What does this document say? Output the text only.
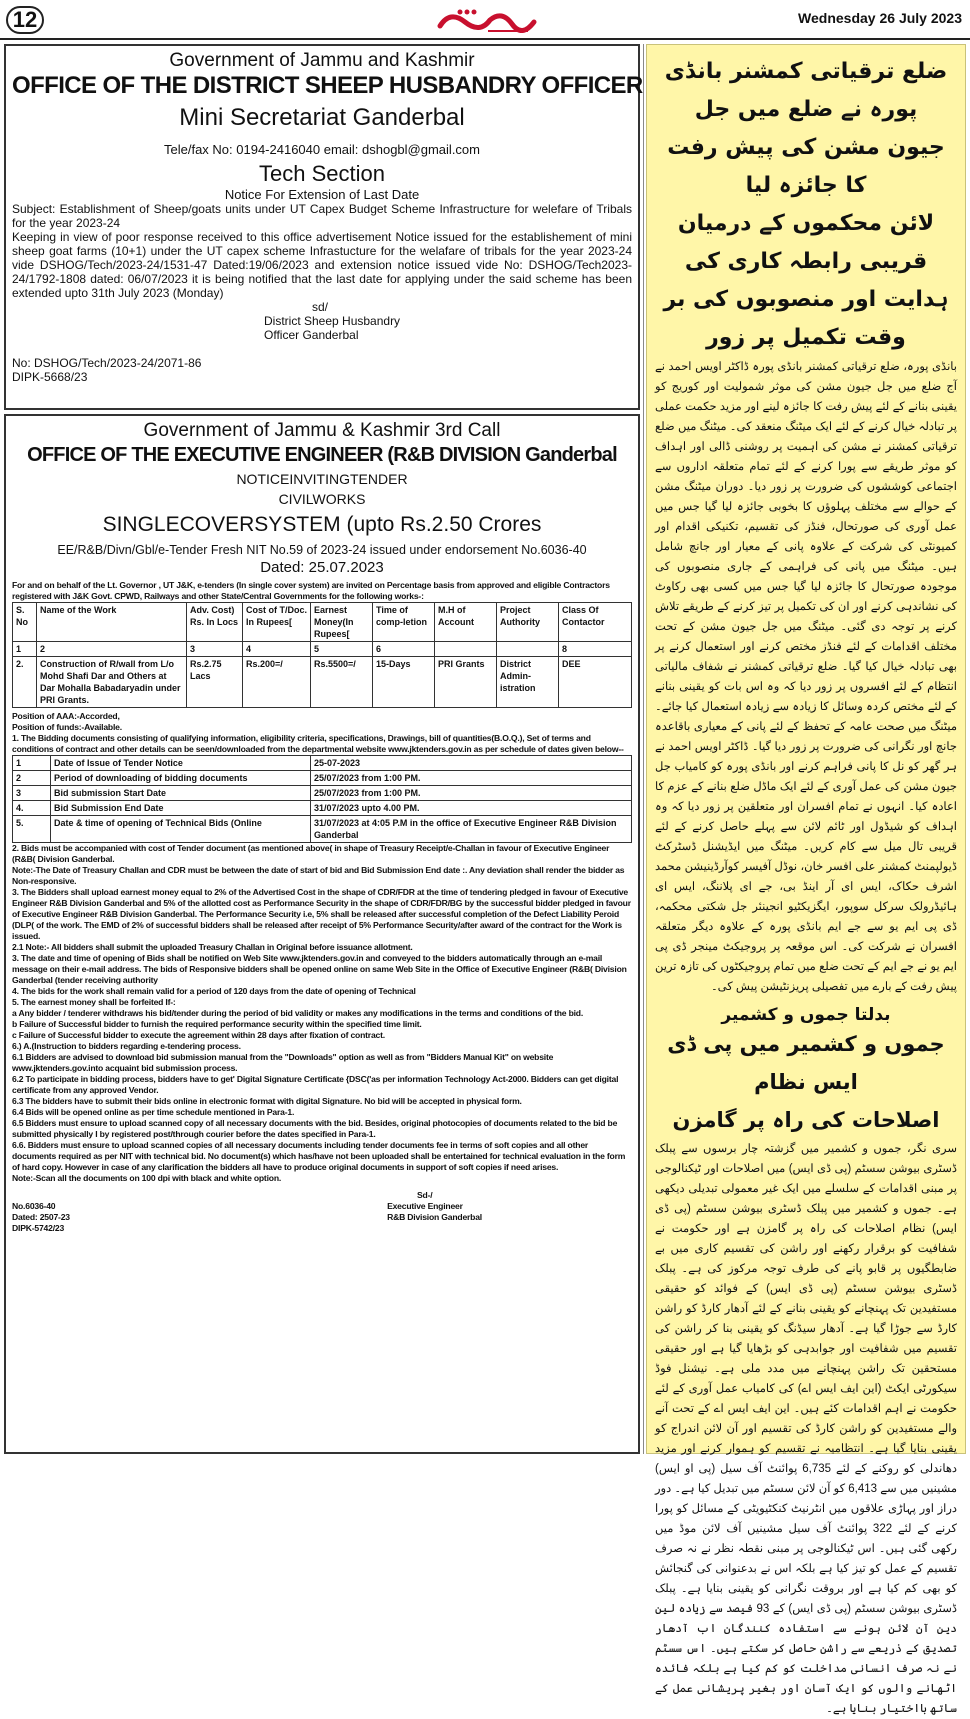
12	Wednesday 26 July 2023
Government of Jammu and Kashmir
OFFICE OF THE DISTRICT SHEEP HUSBANDRY OFFICER
Mini Secretariat Ganderbal
Tele/fax No: 0194-2416040 email: dshogbl@gmail.com
Tech Section
Notice For Extension of Last Date
Subject: Establishment of Sheep/goats units under UT Capex Budget Scheme Infrastructure for welefare of Tribals for the year 2023-24
Keeping in view of poor response received to this office advertisement Notice issued for the establishement of mini sheep goat farms (10+1) under the UT capex scheme Infrastucture for the welafare of tribals for the year 2023-24 vide DSHOG/Tech/2023-24/1531-47 Dated:19/06/2023 and extension notice issued vide No: DSHOG/Tech2023-24/1792-1808 dated: 06/07/2023 it is being notified that the last date for applying under the said scheme has been extended upto 31th July 2023 (Monday)
sd/
District Sheep Husbandry
Officer Ganderbal
No: DSHOG/Tech/2023-24/2071-86
DIPK-5668/23
Government of Jammu & Kashmir 3rd Call
OFFICE OF THE EXECUTIVE ENGINEER (R&B DIVISION Ganderbal
NOTICEINVITINGTENDER
CIVILWORKS
SINGLECOVERSYSTEM (upto Rs.2.50 Crores
EE/R&B/Divn/Gbl/e-Tender Fresh NIT No.59 of 2023-24 issued under endorsement No.6036-40
Dated: 25.07.2023
For and on behalf of the Lt. Governor , UT J&K, e-tenders (In single cover system) are invited on Percentage basis from approved and eligible Contractors registered with J&K Govt. CPWD, Railways and other State/Central Governments for the following works-:
S. No	Name of the Work	Adv. Cost) Rs. In Locs	Cost of T/Doc. In Rupees[	Earnest Money(In Rupees[	Time of comp-letion	M.H of Account	Project Authority	Class Of Contactor
1	2	3	4	5	6			8
2.	Construction of R/wall from L/o Mohd Shafi Dar and Others at Dar Mohalla Babadaryadin under PRI Grants.	Rs.2.75 Lacs	Rs.200=/	Rs.5500=/	15-Days	PRI Grants	District Admin-istration	DEE
Position of AAA:-Accorded,
Position of funds:-Available.
1. The Bidding documents consisting of qualifying information, eligibility criteria, specifications, Drawings, bill of quantities(B.O.Q.), Set of terms and conditions of contract and other details can be seen/downloaded from the departmental website www.jktenders.gov.in as per schedule of dates given below--
1	Date of Issue of Tender Notice	25-07-2023
2	Period of downloading of bidding documents	25/07/2023 from 1:00 PM.
3	Bid submission Start Date	25/07/2023 from 1:00 PM.
4.	Bid Submission End Date	31/07/2023 upto 4.00 PM.
5.	Date & time of opening of Technical Bids (Online	31/07/2023 at 4:05 P.M in the office of Executive Engineer R&B Division Ganderbal
2. Bids must be accompanied with cost of Tender document (as mentioned above( in shape of Treasury Receipt/e-Challan in favour of Executive Engineer (R&B( Division Ganderbal.
Note:-The Date of Treasury Challan and CDR must be between the date of start of bid and Bid Submission End date :. Any deviation shall render the bidder as Non-responsive.
3. The Bidders shall upload earnest money equal to 2% of the Advertised Cost in the shape of CDR/FDR at the time of tendering pledged in favour of Executive Engineer R&B Division Ganderbal and 5% of the allotted cost as Performance Security in the shape of CDR/FDR/BG by the successful bidder pledged in favour of Executive Engineer R&B Division Ganderbal. The Performance Security i.e, 5% shall be released after successful completion of the Defect Liability Peroid (DLP( of the work. The EMD of 2% of successful bidders shall be released after receipt of 5% Performance Security/after award of the contract for the Work is issued.
2.1 Note:- All bidders shall submit the uploaded Treasury Challan in Original before issuance allotment.
3. The date and time of opening of Bids shall be notified on Web Site www.jktenders.gov.in and conveyed to the bidders automatically through an e-mail message on their e-mail address. The bids of Responsive bidders shall be opened online on same Web Site in the Office of Executive Engineer (R&B( Division Ganderbal (tender receiving authority
4. The bids for the work shall remain valid for a period of 120 days from the date of opening of Technical
5. The earnest money shall be forfeited If-:
a Any bidder / tenderer withdraws his bid/tender during the period of bid validity or makes any modifications in the terms and conditions of the bid.
b Failure of Successful bidder to furnish the required performance security within the specified time limit.
c Failure of Successful bidder to execute the agreement within 28 days after fixation of contract.
6.) A.(Instruction to bidders regarding e-tendering process.
6.1 Bidders are advised to download bid submission manual from the "Downloads" option as well as from "Bidders Manual Kit" on website www.jktenders.gov.into acquaint bid submission process.
6.2 To participate in bidding process, bidders have to get' Digital Signature Certificate {DSC('as per information Technology Act-2000. Bidders can get digital certificate from any approved Vendor.
6.3 The bidders have to submit their bids online in electronic format with digital Signature. No bid will be accepted in physical form.
6.4 Bids will be opened online as per time schedule mentioned in Para-1.
6.5 Bidders must ensure to upload scanned copy of all necessary documents with the bid. Besides, original photocopies of documents related to the bid be submitted physically I by registered post/through courier before the dates specified in Para-1.
6.6. Bidders must ensure to upload scanned copies of all necessary documents including tender documents fee in terms of soft copies and all other documents required as per NIT with technical bid. No document(s) which has/have not been uploaded shall be entertained for technical evaluation in the form of hard copy. However in case of any clarification the bidders all have to produce original documents in support of soft copies if need arises.
Note:-Scan all the documents on 100 dpi with black and white option.
Sd-/
No.6036-40
Dated: 2507-23
DIPK-5742/23
Executive Engineer
R&B Division Ganderbal
ضلع ترقیاتی کمشنر بانڈی پورہ نے ضلع میں جل
جیون مشن کی پیش رفت کا جائزہ لیا
لائن محکموں کے درمیان قریبی رابطہ کاری کی
ہدایت اور منصوبوں کی بر وقت تکمیل پر زور
بانڈی پورہ، ضلع ترقیاتی کمشنر بانڈی پورہ ڈاکٹر اویس احمد نے آج ضلع میں جل جیون مشن کی موثر شمولیت اور کوریج کو یقینی بنانے کے لئے پیش رفت کا جائزہ لینے اور مزید حکمت عملی پر تبادلہ خیال کرنے کے لئے ایک میٹنگ منعقد کی۔ میٹنگ میں ضلع ترقیاتی کمشنر نے مشن کی اہمیت پر روشنی ڈالی اور اہداف کو موثر طریقے سے پورا کرنے کے لئے تمام متعلقہ اداروں سے اجتماعی کوششوں کی ضرورت پر زور دیا۔ دوران میٹنگ مشن کے حوالے سے مختلف پہلوؤں کا بخوبی جائزہ لیا گیا جس میں عمل آوری کی صورتحال، فنڈز کی تقسیم، تکنیکی اقدام اور کمیونٹی کی شرکت کے علاوہ پانی کے معیار اور جانچ شامل ہیں۔ میٹنگ میں پانی کی فراہمی کے جاری منصوبوں کی موجودہ صورتحال کا جائزہ لیا گیا جس میں کسی بھی رکاوٹ کی نشاندہی کرنے اور ان کی تکمیل پر تیز کرنے کے طریقے تلاش کرنے پر توجہ دی گئی۔ میٹنگ میں جل جیون مشن کے تحت مختلف اقدامات کے لئے فنڈز مختص کرنے اور استعمال کرنے پر بھی تبادلہ خیال کیا گیا۔ ضلع ترقیاتی کمشنر نے شفاف مالیاتی انتظام کے لئے افسروں پر زور دیا کہ وہ اس بات کو یقینی بنانے کے لئے مختص کردہ وسائل کا زیادہ سے زیادہ استعمال کیا جائے۔ میٹنگ میں صحت عامہ کے تحفظ کے لئے پانی کے معیاری باقاعدہ جانچ اور نگرانی کی ضرورت پر زور دیا گیا۔ ڈاکٹر اویس احمد نے ہر گھر کو نل کا پانی فراہم کرنے اور بانڈی پورہ کو کامیاب جل جیون مشن کی عمل آوری کے لئے ایک ماڈل ضلع بنانے کے عزم کا اعادہ کیا۔ انہوں نے تمام افسران اور متعلقین پر زور دیا کہ وہ اہداف کو شیڈول اور ٹائم لائن سے پہلے حاصل کرنے کے لئے قریبی تال میل سے کام کریں۔ میٹنگ میں ایڈیشنل ڈسٹرکٹ ڈیولپمنٹ کمشنر علی افسر خان، نوڈل آفیسر کوآرڈینیشن محمد اشرف حکاک، ایس ای آر اینڈ بی، جے ای پلاننگ، ایس ای ہائیڈرولک سرکل سوپور، ایگزیکٹیو انجینئر جل شکتی محکمہ، ڈی پی ایم یو سے جے ایم بانڈی پورہ کے علاوہ دیگر متعلقہ افسران نے شرکت کی۔ اس موقعہ پر پروجیکٹ مینجر ڈی پی ایم یو نے جے ایم کے تحت ضلع میں تمام پروجیکٹوں کی تازہ ترین پیش رفت کے بارے میں تفصیلی پریزنٹیشن پیش کی۔
بدلتا جموں و کشمیر
جموں و کشمیر میں پی ڈی ایس نظام
اصلاحات کی راہ پر گامزن
سری نگر، جموں و کشمیر میں گزشتہ چار برسوں سے پبلک ڈسٹری بیوشن سسٹم (پی ڈی ایس) میں اصلاحات اور ٹیکنالوجی پر مبنی اقدامات کے سلسلے میں ایک غیر معمولی تبدیلی دیکھی ہے۔ جموں و کشمیر میں پبلک ڈسٹری بیوشن سسٹم (پی ڈی ایس) نظام اصلاحات کی راہ پر گامزن ہے اور حکومت نے شفافیت کو برقرار رکھنے اور راشن کی تقسیم کاری میں بے ضابطگیوں پر قابو پانے کی طرف توجہ مرکوز کی ہے۔ پبلک ڈسٹری بیوشن سسٹم (پی ڈی ایس) کے فوائد کو حقیقی مستفیدین تک پہنچانے کو یقینی بنانے کے لئے آدھار کارڈ کو راشن کارڈ سے جوڑا گیا ہے۔ آدھار سیڈنگ کو یقینی بنا کر راشن کی تقسیم میں شفافیت اور جوابدہی کو بڑھایا گیا ہے اور حقیقی مستحقین تک راشن پہنچانے میں مدد ملی ہے۔ نیشنل فوڈ سیکورٹی ایکٹ (این ایف ایس اے) کی کامیاب عمل آوری کے لئے حکومت نے اہم اقدامات کئے ہیں۔ این ایف ایس اے کے تحت آنے والے مستفیدین کو راشن کارڈ کی تقسیم اور آن لائن اندراج کو یقینی بنایا گیا ہے۔ انتظامیہ نے تقسیم کو ہموار کرنے اور مزید دھاندلی کو روکنے کے لئے 6,735 پوائنٹ آف سیل (پی او ایس) مشینیں میں سے 6,413 کو آن لائن سسٹم میں تبدیل کیا ہے۔ دور دراز اور پہاڑی علاقوں میں انٹرنیٹ کنکٹیویٹی کے مسائل کو پورا کرنے کے لئے 322 پوائنٹ آف سیل مشینیں آف لائن موڈ میں رکھی گئی ہیں۔ اس ٹیکنالوجی پر مبنی نقطہ نظر نے نہ صرف تقسیم کے عمل کو تیز کیا ہے بلکہ اس نے بدعنوانی کی گنجائش کو بھی کم کیا ہے اور بروقت نگرانی کو یقینی بنایا ہے۔ پبلک ڈسٹری بیوشن سسٹم (پی ڈی ایس) کے 93 فیصد سے زیادہ لین دین آن لائن ہونے سے استفادہ کنندگان اب آدھار تصدیق کے ذریعے سے راشن حاصل کر سکتے ہیں۔ اس سسٹم نے نہ صرف انسانی مداخلت کو کم کیا ہے بلکہ فائدہ اٹھانے والوں کو ایک آسان اور بغیر پریشانی عمل کے ساتھ بااختیار بنایا ہے۔
